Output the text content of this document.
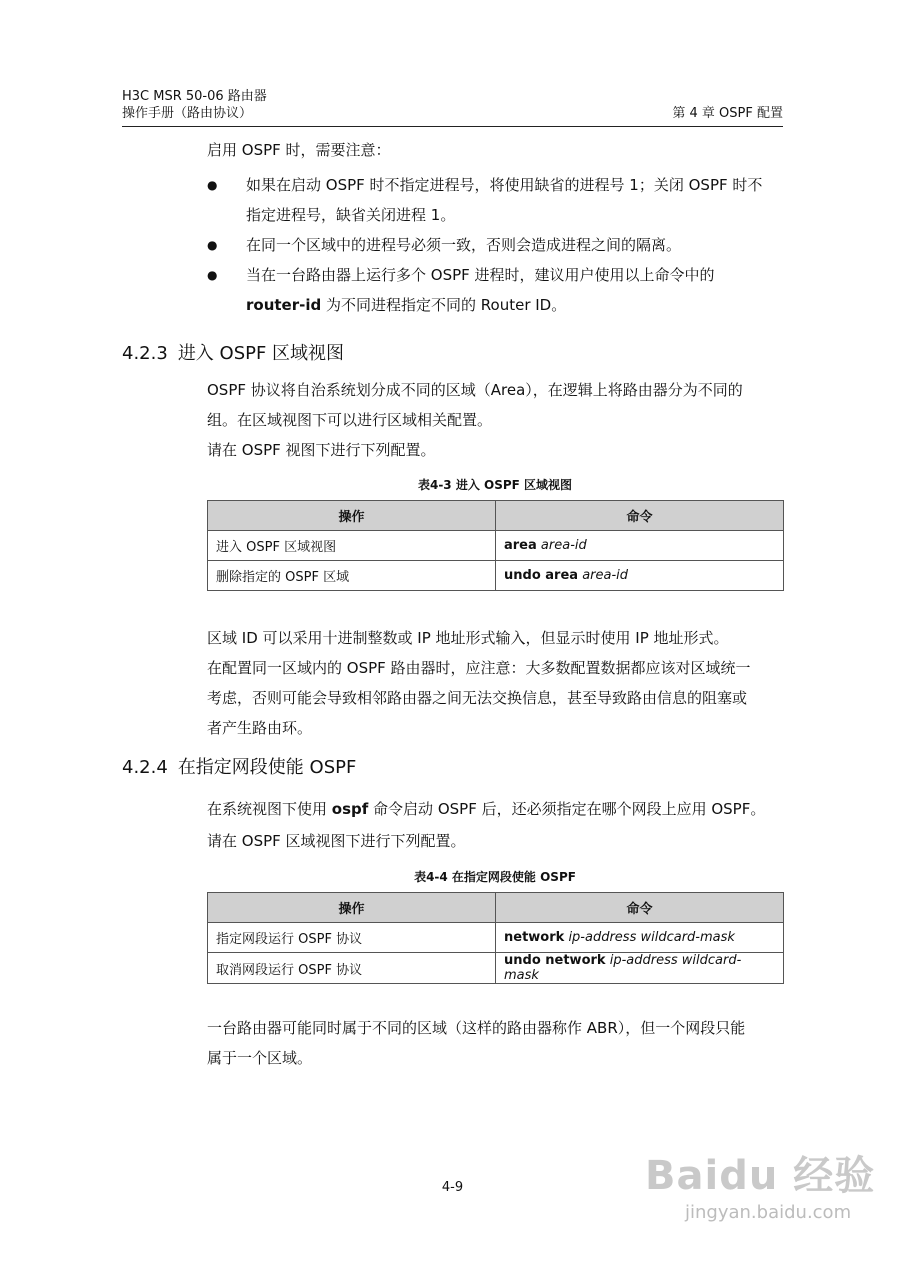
H3C MSR 50-06 路由器
操作手册（路由协议）	第 4 章 OSPF 配置

启用 OSPF 时，需要注意：

● 如果在启动 OSPF 时不指定进程号，将使用缺省的进程号 1；关闭 OSPF 时不

指定进程号，缺省关闭进程 1。

● 在同一个区域中的进程号必须一致，否则会造成进程之间的隔离。

● 当在一台路由器上运行多个 OSPF 进程时，建议用户使用以上命令中的

router-id 为不同进程指定不同的 Router ID。

4.2.3 进入 OSPF 区域视图

OSPF 协议将自治系统划分成不同的区域（Area），在逻辑上将路由器分为不同的

组。在区域视图下可以进行区域相关配置。

请在 OSPF 视图下进行下列配置。

表4-3 进入 OSPF 区域视图
操作	命令
进入 OSPF 区域视图	area area-id
删除指定的 OSPF 区域	undo area area-id

区域 ID 可以采用十进制整数或 IP 地址形式输入，但显示时使用 IP 地址形式。

在配置同一区域内的 OSPF 路由器时，应注意：大多数配置数据都应该对区域统一

考虑，否则可能会导致相邻路由器之间无法交换信息，甚至导致路由信息的阻塞或

者产生路由环。

4.2.4 在指定网段使能 OSPF

在系统视图下使用 ospf 命令启动 OSPF 后，还必须指定在哪个网段上应用 OSPF。

请在 OSPF 区域视图下进行下列配置。

表4-4 在指定网段使能 OSPF
操作	命令
指定网段运行 OSPF 协议	network ip-address wildcard-mask
取消网段运行 OSPF 协议	undo network ip-address wildcard-mask

一台路由器可能同时属于不同的区域（这样的路由器称作 ABR），但一个网段只能

属于一个区域。

4-9	Baidu 经验
jingyan.baidu.com
